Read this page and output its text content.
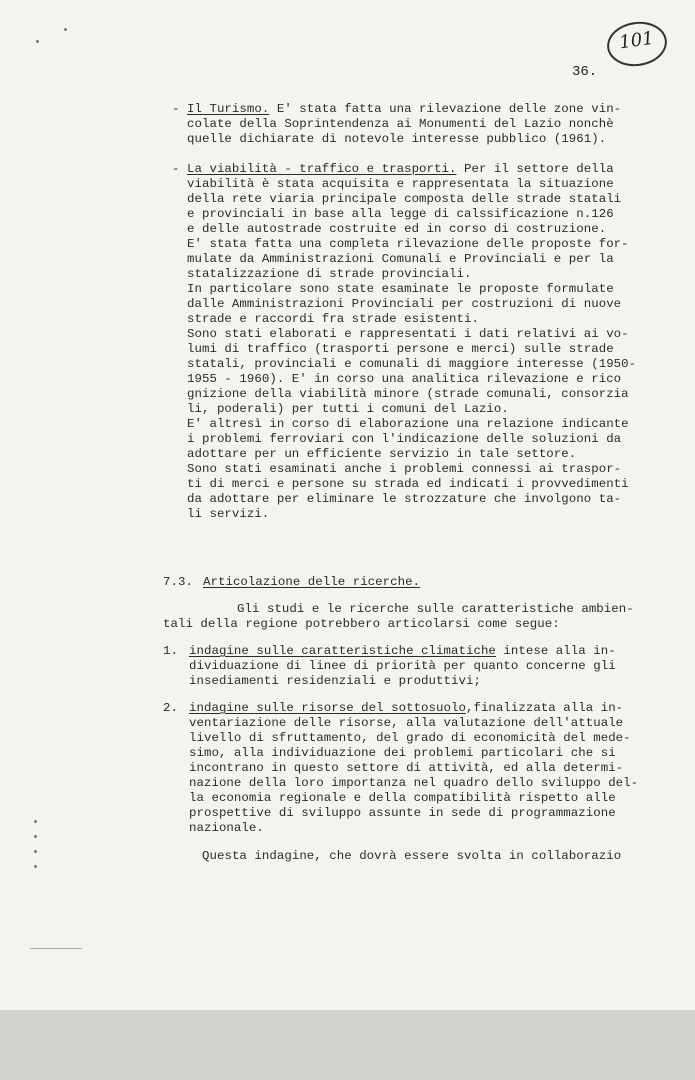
101
36.
- Il Turismo. E' stata fatta una rilevazione delle zone vin-
colate della Soprintendenza ai Monumenti del Lazio nonchè
quelle dichiarate di notevole interesse pubblico (1961).
- La viabilità - traffico e trasporti. Per il settore della
viabilità è stata acquisita e rappresentata la situazione
della rete viaria principale composta delle strade statali
e provinciali in base alla legge di calssificazione n.126
e delle autostrade costruite ed in corso di costruzione.
E' stata fatta una completa rilevazione delle proposte for-
mulate da Amministrazioni Comunali e Provinciali e per la
statalizzazione di strade provinciali.
In particolare sono state esaminate le proposte formulate
dalle Amministrazioni Provinciali per costruzioni di nuove
strade e raccordi fra strade esistenti.
Sono stati elaborati e rappresentati i dati relativi ai vo-
lumi di traffico (trasporti persone e merci) sulle strade
statali, provinciali e comunali di maggiore interesse (1950-
1955 - 1960). E' in corso una analitica rilevazione e rico
gnizione della viabilità minore (strade comunali, consorzia
li, poderali) per tutti i comuni del Lazio.
E' altresì in corso di elaborazione una relazione indicante
i problemi ferroviari con l'indicazione delle soluzioni da
adottare per un efficiente servizio in tale settore.
Sono stati esaminati anche i problemi connessi ai traspor-
ti di merci e persone su strada ed indicati i provvedimenti
da adottare per eliminare le strozzature che involgono ta-
li servizi.
7.3. Articolazione delle ricerche.
Gli studi e le ricerche sulle caratteristiche ambien-
tali della regione potrebbero articolarsi come segue:
1. indagine sulle caratteristiche climatiche intese alla in-
dividuazione di linee di priorità per quanto concerne gli
insediamenti residenziali e produttivi;
2. indagine sulle risorse del sottosuolo,finalizzata alla in-
ventariazione delle risorse, alla valutazione dell'attuale
livello di sfruttamento, del grado di economicità del mede-
simo, alla individuazione dei problemi particolari che si
incontrano in questo settore di attività, ed alla determi-
nazione della loro importanza nel quadro dello sviluppo del-
la economia regionale e della compatibilità rispetto alle
prospettive di sviluppo assunte in sede di programmazione
nazionale.
Questa indagine, che dovrà essere svolta in collaborazio
